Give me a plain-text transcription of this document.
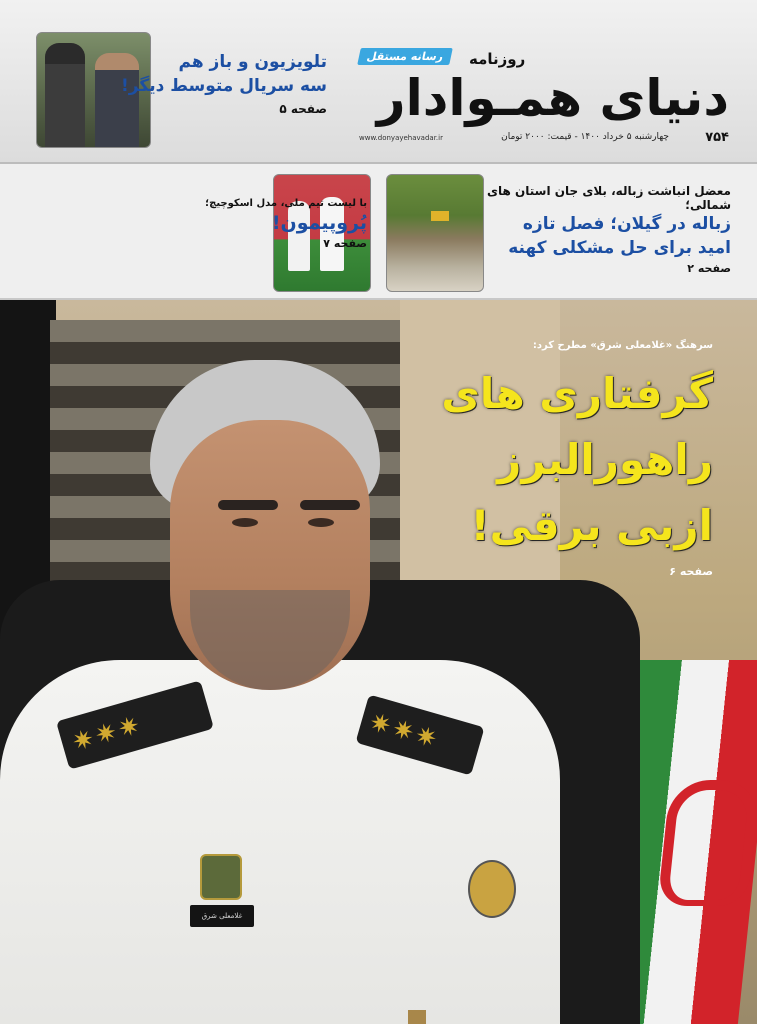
تلویزیون و باز هم
سه سریال متوسط دیگر!
صفحه ۵
رسانه مستقل	روزنامه
دنیای همـوادار
۷۵۴
چهارشنبه ۵ خرداد ۱۴۰۰ - قیمت: ۲۰۰۰ تومان
www.donyayehavadar.ir
با لیست تیم ملی، مدل اسکوچیچ؛
پُروپیمون!
صفحه ۷
معضل انباشت زباله، بلای جان استان های شمالی؛
زباله در گیلان؛ فصل تازه
امید برای حل مشکلی کهنه
صفحه ۲
✷✷✷	✷✷✷
غلامعلی شرق
سرهنگ «غلامعلی شرق» مطرح کرد:
گرفتاری های
راهورالبرز
ازبی برقی!
صفحه ۶
